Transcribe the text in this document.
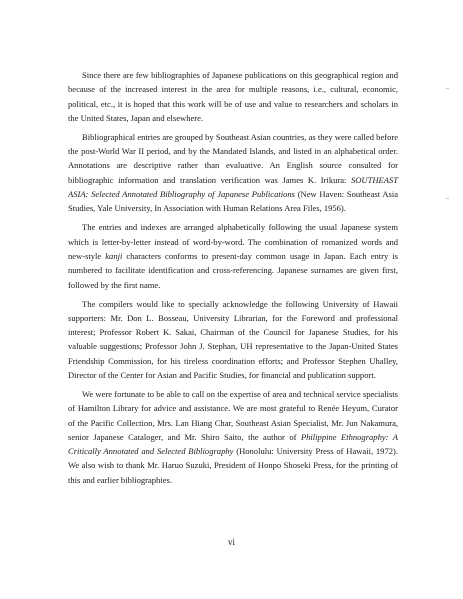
Since there are few bibliographies of Japanese publications on this geographical region and because of the increased interest in the area for multiple reasons, i.e., cultural, economic, political, etc., it is hoped that this work will be of use and value to researchers and scholars in the United States, Japan and elsewhere.

Bibliographical entries are grouped by Southeast Asian countries, as they were called before the post-World War II period, and by the Mandated Islands, and listed in an alphabetical order. Annotations are descriptive rather than evaluative. An English source consulted for bibliographic information and translation verification was James K. Irikura: SOUTHEAST ASIA: Selected Annotated Bibliography of Japanese Publications (New Haven: Southeast Asia Studies, Yale University, In Association with Human Relations Area Files, 1956).

The entries and indexes are arranged alphabetically following the usual Japanese system which is letter-by-letter instead of word-by-word. The combination of romanized words and new-style kanji characters conforms to present-day common usage in Japan. Each entry is numbered to facilitate identification and cross-referencing. Japanese surnames are given first, followed by the first name.

The compilers would like to specially acknowledge the following University of Hawaii supporters: Mr. Don L. Bosseau, University Librarian, for the Foreword and professional interest; Professor Robert K. Sakai, Chairman of the Council for Japanese Studies, for his valuable suggestions; Professor John J. Stephan, UH representative to the Japan-United States Friendship Commission, for his tireless coordination efforts; and Professor Stephen Uhalley, Director of the Center for Asian and Pacific Studies, for financial and publication support.

We were fortunate to be able to call on the expertise of area and technical service specialists of Hamilton Library for advice and assistance. We are most grateful to Renée Heyum, Curator of the Pacific Collection, Mrs. Lan Hiang Char, Southeast Asian Specialist, Mr. Jun Nakamura, senior Japanese Cataloger, and Mr. Shiro Saito, the author of Philippine Ethnography: A Critically Annotated and Selected Bibliography (Honolulu: University Press of Hawaii, 1972). We also wish to thank Mr. Haruo Suzuki, President of Honpo Shoseki Press, for the printing of this and earlier bibliographies.

vi
